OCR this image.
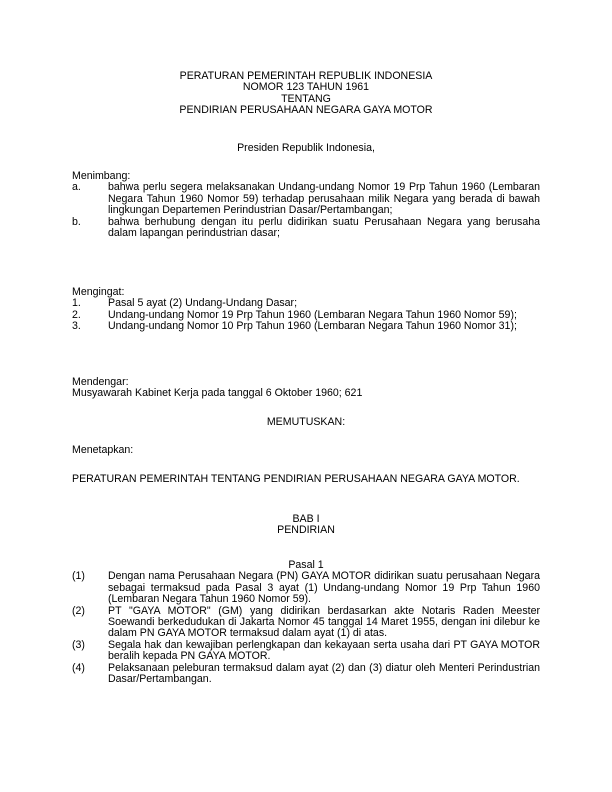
PERATURAN PEMERINTAH REPUBLIK INDONESIA
NOMOR 123 TAHUN 1961
TENTANG
PENDIRIAN PERUSAHAAN NEGARA GAYA MOTOR
Presiden Republik Indonesia,
Menimbang:
a.	bahwa perlu segera melaksanakan Undang-undang Nomor 19 Prp Tahun 1960 (Lembaran Negara Tahun 1960 Nomor 59) terhadap perusahaan milik Negara yang berada di bawah lingkungan Departemen Perindustrian Dasar/Pertambangan;
b.	bahwa berhubung dengan itu perlu didirikan suatu Perusahaan Negara yang berusaha dalam lapangan perindustrian dasar;
Mengingat:
1.	Pasal 5 ayat (2) Undang-Undang Dasar;
2.	Undang-undang Nomor 19 Prp Tahun 1960 (Lembaran Negara Tahun 1960 Nomor 59);
3.	Undang-undang Nomor 10 Prp Tahun 1960 (Lembaran Negara Tahun 1960 Nomor 31);
Mendengar:
Musyawarah Kabinet Kerja pada tanggal 6 Oktober 1960; 621
MEMUTUSKAN:
Menetapkan:
PERATURAN PEMERINTAH TENTANG PENDIRIAN PERUSAHAAN NEGARA GAYA MOTOR.
BAB I
PENDIRIAN
Pasal 1
(1)	Dengan nama Perusahaan Negara (PN) GAYA MOTOR didirikan suatu perusahaan Negara sebagai termaksud pada Pasal 3 ayat (1) Undang-undang Nomor 19 Prp Tahun 1960 (Lembaran Negara Tahun 1960 Nomor 59).
(2)	PT "GAYA MOTOR" (GM) yang didirikan berdasarkan akte Notaris Raden Meester Soewandi berkedudukan di Jakarta Nomor 45 tanggal 14 Maret 1955, dengan ini dilebur ke dalam PN GAYA MOTOR termaksud dalam ayat (1) di atas.
(3)	Segala hak dan kewajiban perlengkapan dan kekayaan serta usaha dari PT GAYA MOTOR beralih kepada PN GAYA MOTOR.
(4)	Pelaksanaan peleburan termaksud dalam ayat (2) dan (3) diatur oleh Menteri Perindustrian Dasar/Pertambangan.
